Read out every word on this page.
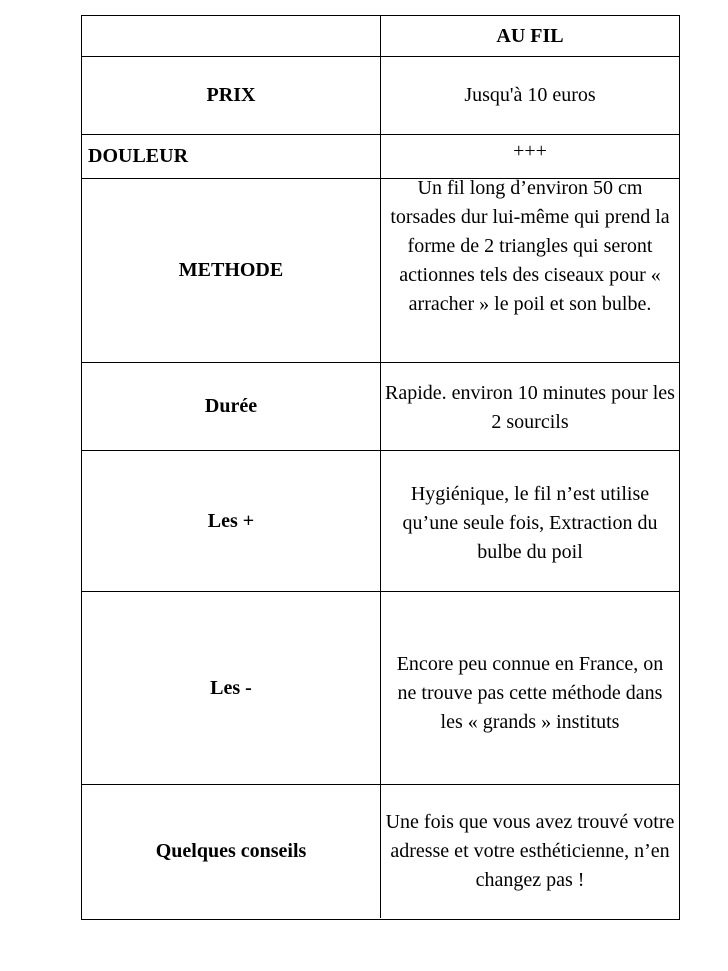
AU FIL
PRIX	Jusqu'à 10 euros
DOULEUR	+++
METHODE
Un fil long d’environ 50 cm torsades dur lui-même qui prend la forme de 2 triangles qui seront actionnes tels des ciseaux pour « arracher » le poil et son bulbe.
Durée
Rapide. environ 10 minutes pour les 2 sourcils
Les +
Hygiénique, le fil n’est utilise qu’une seule fois, Extraction du bulbe du poil
Les -
Encore peu connue en France, on ne trouve pas cette méthode dans les « grands » instituts
Quelques conseils
Une fois que vous avez trouvé votre adresse et votre esthéticienne, n’en changez pas !
